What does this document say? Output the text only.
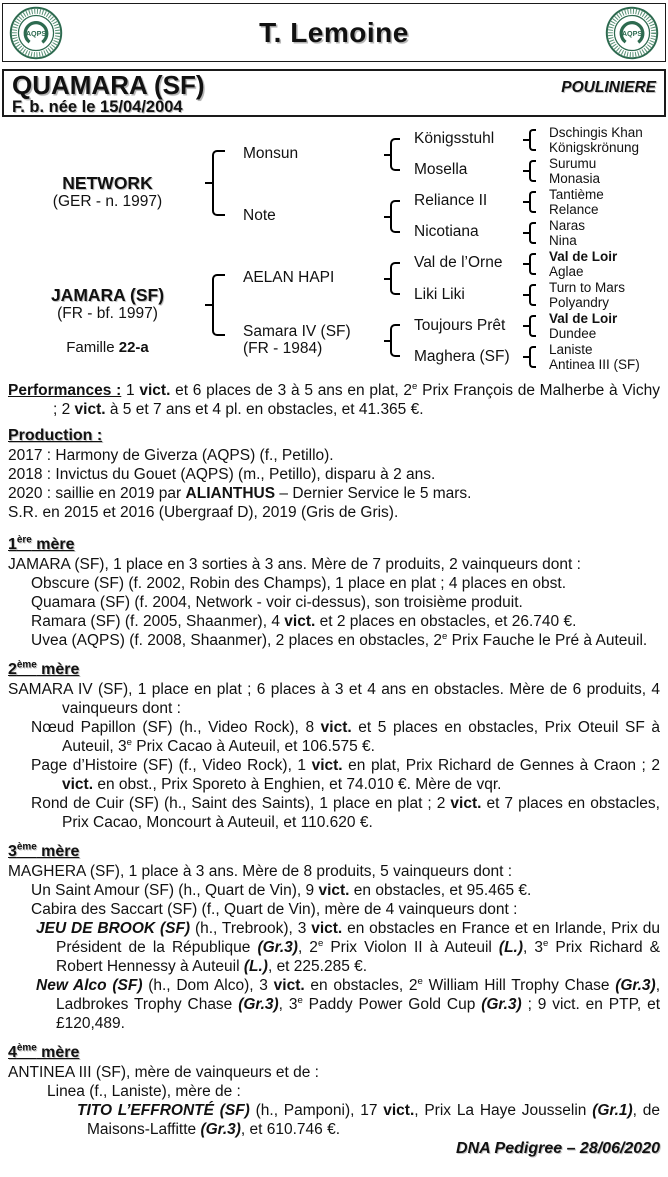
AQPS	T. Lemoine	AQPS
QUAMARA (SF)
F. b. née le 15/04/2004
POULINIERE
NETWORK
(GER - n. 1997)
JAMARA (SF)
(FR - bf. 1997)
Famille 22-a
Monsun
Note
AELAN HAPI
Samara IV (SF)
(FR - 1984)
Königsstuhl
Mosella
Reliance II
Nicotiana
Val de l’Orne
Liki Liki
Toujours Prêt
Maghera (SF)
Dschingis Khan
Königskrönung
Surumu
Monasia
Tantième
Relance
Naras
Nina
Val de Loir
Aglae
Turn to Mars
Polyandry
Val de Loir
Dundee
Laniste
Antinea III (SF)

Performances : 1 vict. et 6 places de 3 à 5 ans en plat, 2e Prix François de Malherbe à Vichy ; 2 vict. à 5 et 7 ans et 4 pl. en obstacles, et 41.365 €.

Production :

2017 : Harmony de Giverza (AQPS) (f., Petillo).

2018 : Invictus du Gouet (AQPS) (m., Petillo), disparu à 2 ans.

2020 : saillie en 2019 par ALIANTHUS – Dernier Service le 5 mars.

S.R. en 2015 et 2016 (Ubergraaf D), 2019 (Gris de Gris).

1ère mère

JAMARA (SF), 1 place en 3 sorties à 3 ans. Mère de 7 produits, 2 vainqueurs dont :

Obscure (SF) (f. 2002, Robin des Champs), 1 place en plat ; 4 places en obst.

Quamara (SF) (f. 2004, Network - voir ci-dessus), son troisième produit.

Ramara (SF) (f. 2005, Shaanmer), 4 vict. et 2 places en obstacles, et 26.740 €.

Uvea (AQPS) (f. 2008, Shaanmer), 2 places en obstacles, 2e Prix Fauche le Pré à Auteuil.

2ème mère

SAMARA IV (SF), 1 place en plat ; 6 places à 3 et 4 ans en obstacles. Mère de 6 produits, 4 vainqueurs dont :

Nœud Papillon (SF) (h., Video Rock), 8 vict. et 5 places en obstacles, Prix Oteuil SF à Auteuil, 3e Prix Cacao à Auteuil, et 106.575 €.

Page d’Histoire (SF) (f., Video Rock), 1 vict. en plat, Prix Richard de Gennes à Craon ; 2 vict. en obst., Prix Sporeto à Enghien, et 74.010 €. Mère de vqr.

Rond de Cuir (SF) (h., Saint des Saints), 1 place en plat ; 2 vict. et 7 places en obstacles, Prix Cacao, Moncourt à Auteuil, et 110.620 €.

3ème mère

MAGHERA (SF), 1 place à 3 ans. Mère de 8 produits, 5 vainqueurs dont :

Un Saint Amour (SF) (h., Quart de Vin), 9 vict. en obstacles, et 95.465 €.

Cabira des Saccart (SF) (f., Quart de Vin), mère de 4 vainqueurs dont :

JEU DE BROOK (SF) (h., Trebrook), 3 vict. en obstacles en France et en Irlande, Prix du Président de la République (Gr.3), 2e Prix Violon II à Auteuil (L.), 3e Prix Richard & Robert Hennessy à Auteuil (L.), et 225.285 €.

New Alco (SF) (h., Dom Alco), 3 vict. en obstacles, 2e William Hill Trophy Chase (Gr.3), Ladbrokes Trophy Chase (Gr.3), 3e Paddy Power Gold Cup (Gr.3) ; 9 vict. en PTP, et £120,489.

4ème mère

ANTINEA III (SF), mère de vainqueurs et de :

Linea (f., Laniste), mère de :

TITO L’EFFRONTÉ (SF) (h., Pamponi), 17 vict., Prix La Haye Jousselin (Gr.1), de Maisons-Laffitte (Gr.3), et 610.746 €.

DNA Pedigree – 28/06/2020
